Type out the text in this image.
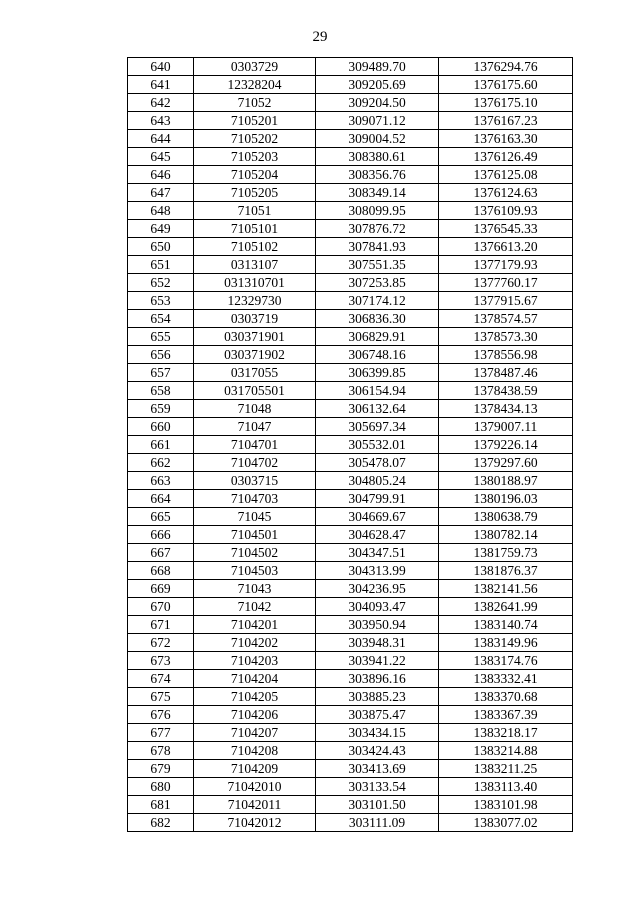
29
640	0303729	309489.70	1376294.76
641	12328204	309205.69	1376175.60
642	71052	309204.50	1376175.10
643	7105201	309071.12	1376167.23
644	7105202	309004.52	1376163.30
645	7105203	308380.61	1376126.49
646	7105204	308356.76	1376125.08
647	7105205	308349.14	1376124.63
648	71051	308099.95	1376109.93
649	7105101	307876.72	1376545.33
650	7105102	307841.93	1376613.20
651	0313107	307551.35	1377179.93
652	031310701	307253.85	1377760.17
653	12329730	307174.12	1377915.67
654	0303719	306836.30	1378574.57
655	030371901	306829.91	1378573.30
656	030371902	306748.16	1378556.98
657	0317055	306399.85	1378487.46
658	031705501	306154.94	1378438.59
659	71048	306132.64	1378434.13
660	71047	305697.34	1379007.11
661	7104701	305532.01	1379226.14
662	7104702	305478.07	1379297.60
663	0303715	304805.24	1380188.97
664	7104703	304799.91	1380196.03
665	71045	304669.67	1380638.79
666	7104501	304628.47	1380782.14
667	7104502	304347.51	1381759.73
668	7104503	304313.99	1381876.37
669	71043	304236.95	1382141.56
670	71042	304093.47	1382641.99
671	7104201	303950.94	1383140.74
672	7104202	303948.31	1383149.96
673	7104203	303941.22	1383174.76
674	7104204	303896.16	1383332.41
675	7104205	303885.23	1383370.68
676	7104206	303875.47	1383367.39
677	7104207	303434.15	1383218.17
678	7104208	303424.43	1383214.88
679	7104209	303413.69	1383211.25
680	71042010	303133.54	1383113.40
681	71042011	303101.50	1383101.98
682	71042012	303111.09	1383077.02
